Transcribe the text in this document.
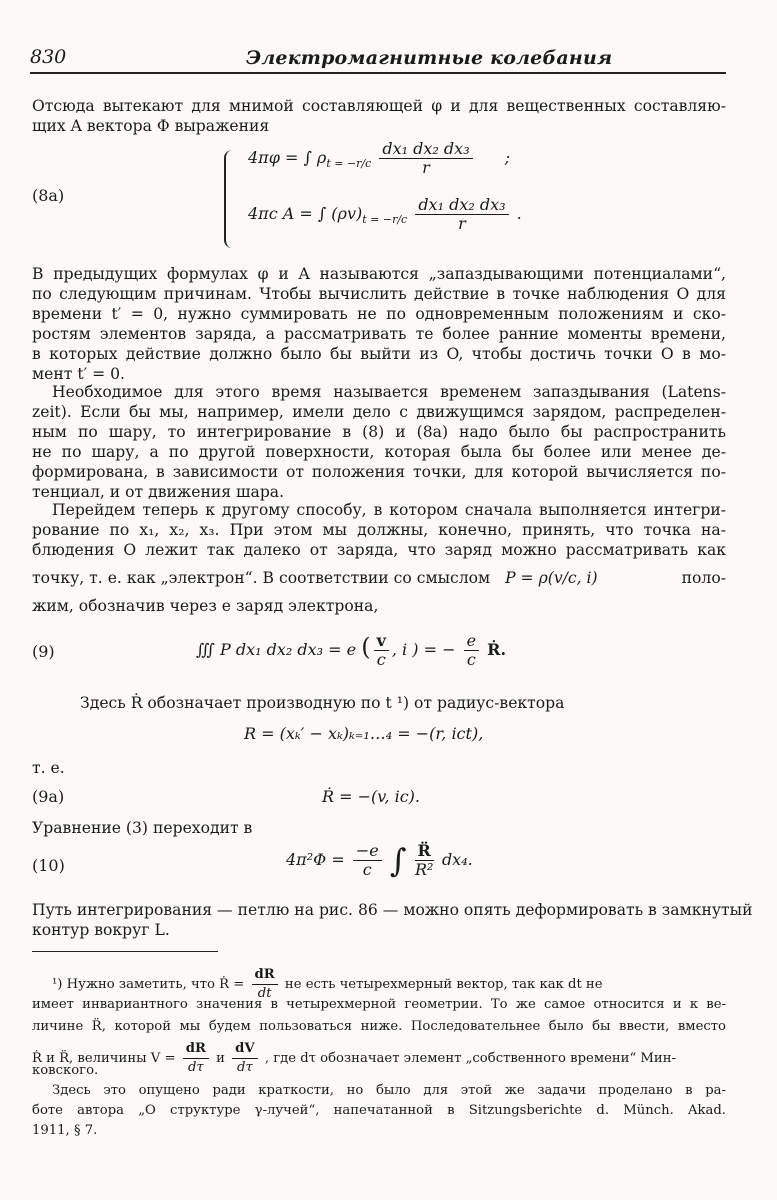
830	Электромагнитные колебания
Отсюда вытекают для мнимой составляющей φ и для вещественных составляю-
щих A вектора Φ выражения
(8a)
4πφ = ∫ $\rho_{t = -r/c} \frac{\text{dx₁ dx₂ dx₃}}{r}$ ;
4πc A = ∫ $(\rho v)_{t = -r/c} \frac{\text{dx₁ dx₂ dx₃}}{r}$ .
В предыдущих формулах φ и A называются „запаздывающими потенциалами“,
по следующим причинам. Чтобы вычислить действие в точке наблюдения O для
времени t′ = 0, нужно суммировать не по одновременным положениям и ско-
ростям элементов заряда, а рассматривать те более ранние моменты времени,
в которых действие должно было бы выйти из O, чтобы достичь точки O в мо-
мент t′ = 0.
Необходимое для этого время называется временем запаздывания (Latens-
zeit). Если бы мы, например, имели дело с движущимся зарядом, распределен-
ным по шару, то интегрирование в (8) и (8a) надо было бы распространить
не по шару, а по другой поверхности, которая была бы более или менее де-
формирована, в зависимости от положения точки, для которой вычисляется по-
тенциал, и от движения шара.
Перейдем теперь к другому способу, в котором сначала выполняется интегри-
рование по x₁, x₂, x₃. При этом мы должны, конечно, принять, что точка на-
блюдения O лежит так далеко от заряда, что заряд можно рассматривать как
точку, т. е. как „электрон“. В соответствии со смыслом P = ρ(v/c, i)	поло-
жим, обозначив через e заряд электрона,
(9)	∭ P dx₁ dx₂ dx₃ = e ( $\frac{v}{c}$ , i ) = − $\frac{e}{c}$ Ṙ.
Здесь Ṙ обозначает производную по t ¹) от радиус-вектора
R = (xₖ′ − xₖ)ₖ₌₁…₄ = −(r, ict),
т. е.
(9a)	Ṙ = −(v, ic).
Уравнение (3) переходит в
(10)	$4\pi^2\Phi = \frac{-e}{c}$ ∫ $\frac{R̈}{\text{R²}} dx_4$.
Путь интегрирования — петлю на рис. 86 — можно опять деформировать в замкнутый
контур вокруг L.
¹) Нужно заметить, что Ṙ = $\frac{dR}{dt}$ не есть четырехмерный вектор, так как dt не
имеет инвариантного значения в четырехмерной геометрии. То же самое относится и к ве-
личине R̈, которой мы будем пользоваться ниже. Последовательнее было бы ввести, вместо
Ṙ и R̈, величины $V = \frac{dR}{d\tau}$ и $\frac{dV}{d\tau}$ , где dτ обозначает элемент „собственного времени“ Мин-
ковского.
Здесь это опущено ради краткости, но было для этой же задачи проделано в ра-
боте автора „О структуре γ-лучей“, напечатанной в Sitzungsberichte d. Münch. Akad.
1911, § 7.
